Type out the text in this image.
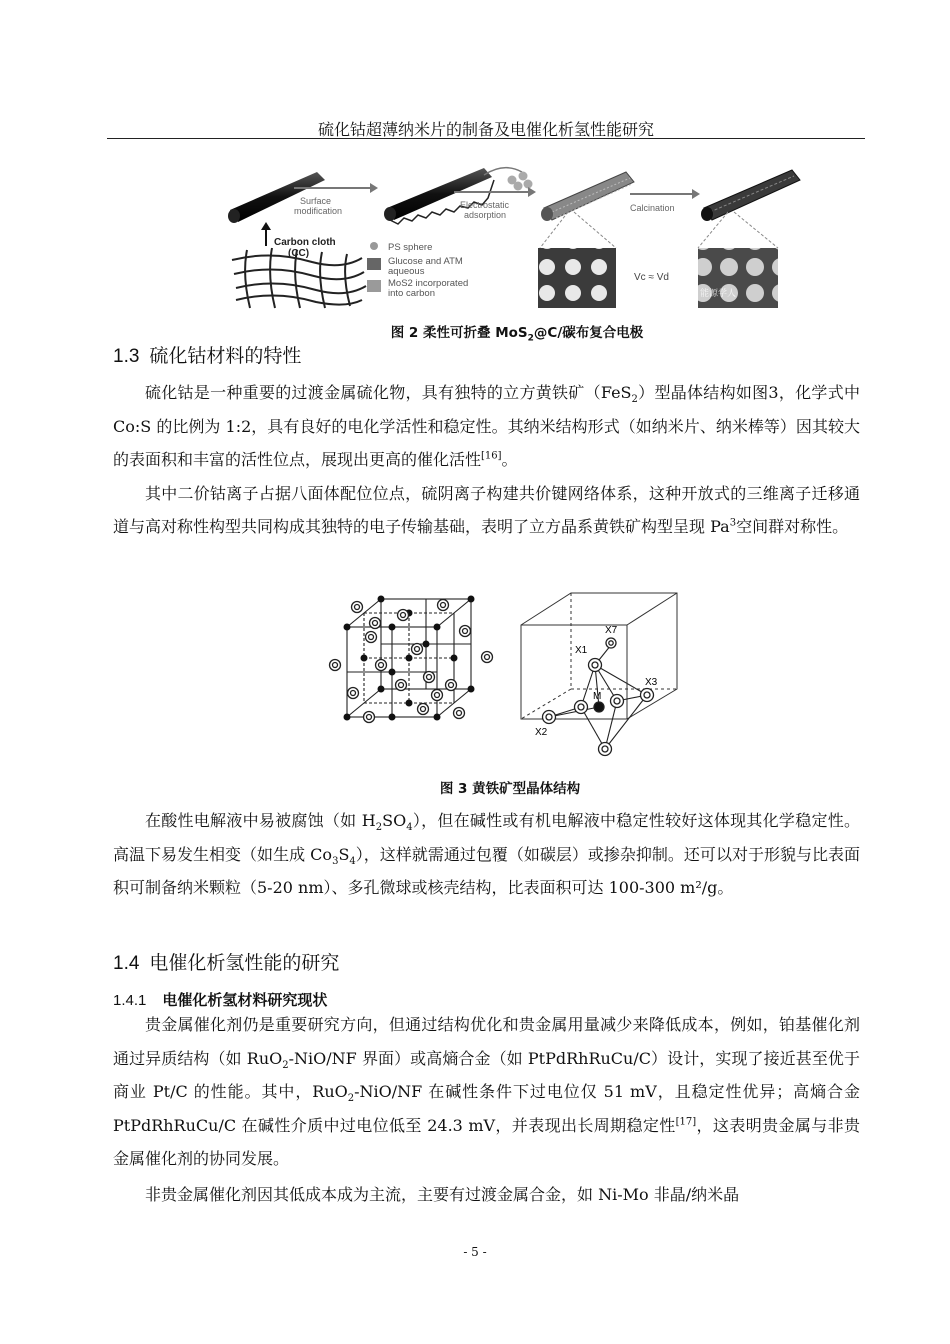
硫化钴超薄纳米片的制备及电催化析氢性能研究
Surface
modification
Electrostatic
adsorption
Calcination
Carbon cloth
(CC)
PS sphere
Glucose and ATM
aqueous
MoS2 incorporated
into carbon
Vc ≈ Vd
能源学人
图 2 柔性可折叠 MoS$_2$@C/碳布复合电极
1.3 硫化钴材料的特性

硫化钴是一种重要的过渡金属硫化物，具有独特的立方黄铁矿（FeS$_2$）型晶体结构如图3，化学式中 Co:S 的比例为 1:2，具有良好的电化学活性和稳定性。其纳米结构形式（如纳米片、纳米棒等）因其较大的表面积和丰富的活性位点，展现出更高的催化活性[16]。

其中二价钴离子占据八面体配位位点，硫阴离子构建共价键网络体系，这种开放式的三维离子迁移通道与高对称性构型共同构成其独特的电子传输基础，表明了立方晶系黄铁矿构型呈现 Pa$^3$空间群对称性。

X7
X1
X3
X2
M
图 3 黄铁矿型晶体结构

在酸性电解液中易被腐蚀（如 $H_2SO_4$），但在碱性或有机电解液中稳定性较好这体现其化学稳定性。高温下易发生相变（如生成 $Co_3S_4$），这样就需通过包覆（如碳层）或掺杂抑制。还可以对于形貌与比表面积可制备纳米颗粒（5-20 nm）、多孔微球或核壳结构，比表面积可达 100-300 m²/g。

1.4 电催化析氢性能的研究
1.4.1 电催化析氢材料研究现状

贵金属催化剂仍是重要研究方向，但通过结构优化和贵金属用量减少来降低成本，例如，铂基催化剂通过异质结构（如 RuO$_2$-NiO/NF 界面）或高熵合金（如 PtPdRhRuCu/C）设计，实现了接近甚至优于商业 Pt/C 的性能。其中，RuO$_2$-NiO/NF 在碱性条件下过电位仅 51 mV，且稳定性优异；高熵合金 PtPdRhRuCu/C 在碱性介质中过电位低至 24.3 mV，并表现出长周期稳定性[17]，这表明贵金属与非贵金属催化剂的协同发展。

非贵金属催化剂因其低成本成为主流，主要有过渡金属合金，如 Ni-Mo 非晶/纳米晶

- 5 -
